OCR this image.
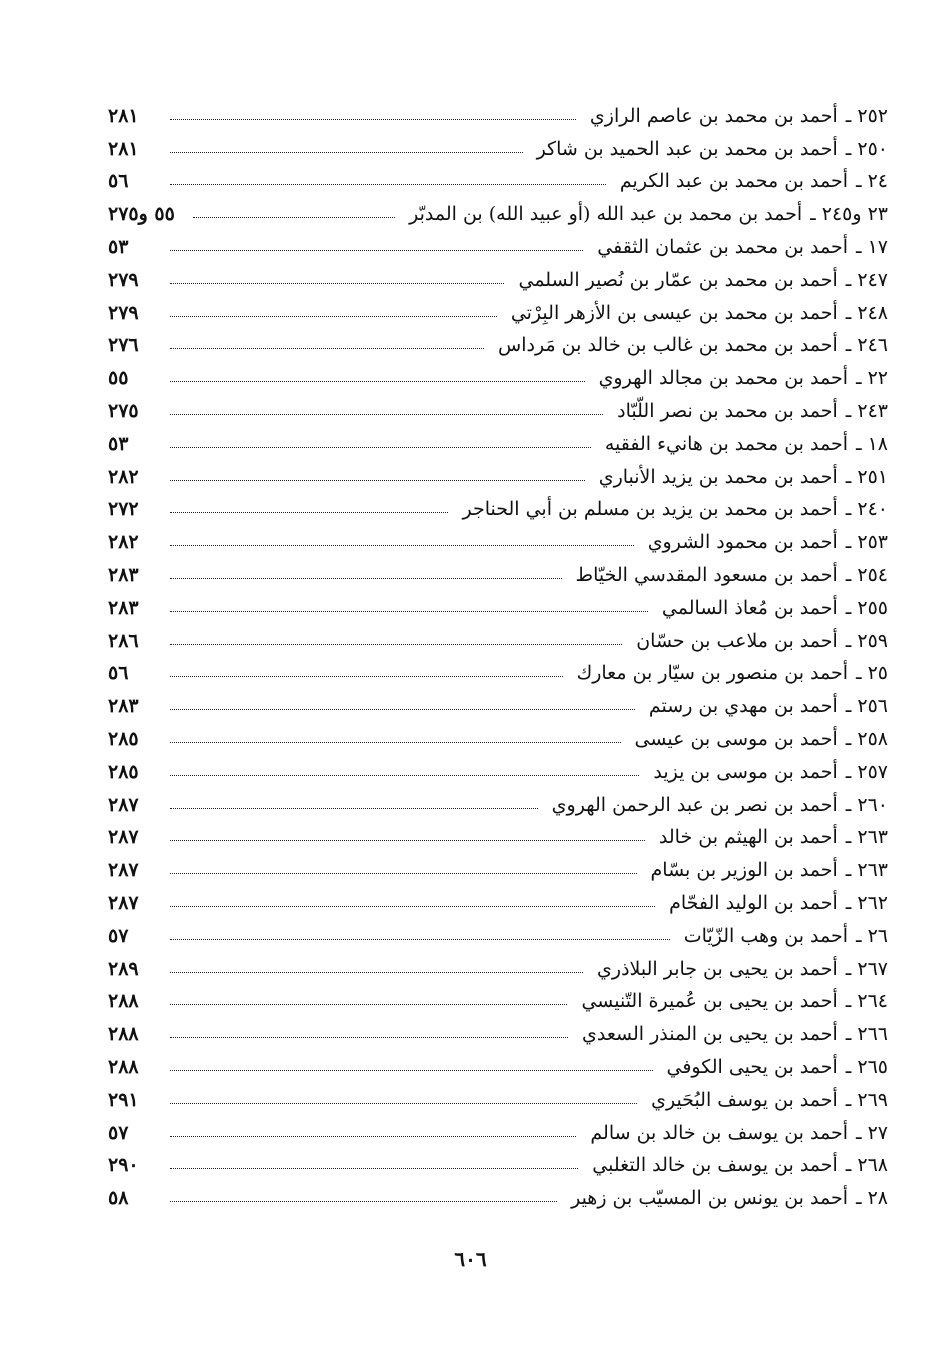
٢٥٢
ـ
أحمد بن محمد بن عاصم الرازي
٢٨١
٢٥٠
ـ
أحمد بن محمد بن عبد الحميد بن شاكر
٢٨١
٢٤
ـ
أحمد بن محمد بن عبد الكريم
٥٦
٢٣ و٢٤٥
ـ
أحمد بن محمد بن عبد الله (أو عبيد الله) بن المدبّر
٥٥ و٢٧٥
١٧
ـ
أحمد بن محمد بن عثمان الثقفي
٥٣
٢٤٧
ـ
أحمد بن محمد بن عمّار بن نُصير السلمي
٢٧٩
٢٤٨
ـ
أحمد بن محمد بن عيسى بن الأزهر البِرْتي
٢٧٩
٢٤٦
ـ
أحمد بن محمد بن غالب بن خالد بن مَرداس
٢٧٦
٢٢
ـ
أحمد بن محمد بن مجالد الهروي
٥٥
٢٤٣
ـ
أحمد بن محمد بن نصر اللّبّاد
٢٧٥
١٨
ـ
أحمد بن محمد بن هانيء الفقيه
٥٣
٢٥١
ـ
أحمد بن محمد بن يزيد الأنباري
٢٨٢
٢٤٠
ـ
أحمد بن محمد بن يزيد بن مسلم بن أبي الحناجر
٢٧٢
٢٥٣
ـ
أحمد بن محمود الشروي
٢٨٢
٢٥٤
ـ
أحمد بن مسعود المقدسي الخيّاط
٢٨٣
٢٥٥
ـ
أحمد بن مُعاذ السالمي
٢٨٣
٢٥٩
ـ
أحمد بن ملاعب بن حسّان
٢٨٦
٢٥
ـ
أحمد بن منصور بن سيّار بن معارك
٥٦
٢٥٦
ـ
أحمد بن مهدي بن رستم
٢٨٣
٢٥٨
ـ
أحمد بن موسى بن عيسى
٢٨٥
٢٥٧
ـ
أحمد بن موسى بن يزيد
٢٨٥
٢٦٠
ـ
أحمد بن نصر بن عبد الرحمن الهروي
٢٨٧
٢٦٣
ـ
أحمد بن الهيثم بن خالد
٢٨٧
٢٦٣
ـ
أحمد بن الوزير بن بسّام
٢٨٧
٢٦٢
ـ
أحمد بن الوليد الفحّام
٢٨٧
٢٦
ـ
أحمد بن وهب الزّيّات
٥٧
٢٦٧
ـ
أحمد بن يحيى بن جابر البلاذري
٢٨٩
٢٦٤
ـ
أحمد بن يحيى بن عُميرة التّنيسي
٢٨٨
٢٦٦
ـ
أحمد بن يحيى بن المنذر السعدي
٢٨٨
٢٦٥
ـ
أحمد بن يحيى الكوفي
٢٨٨
٢٦٩
ـ
أحمد بن يوسف البُحَيري
٢٩١
٢٧
ـ
أحمد بن يوسف بن خالد بن سالم
٥٧
٢٦٨
ـ
أحمد بن يوسف بن خالد التغلبي
٢٩٠
٢٨
ـ
أحمد بن يونس بن المسيّب بن زهير
٥٨
٦٠٦
